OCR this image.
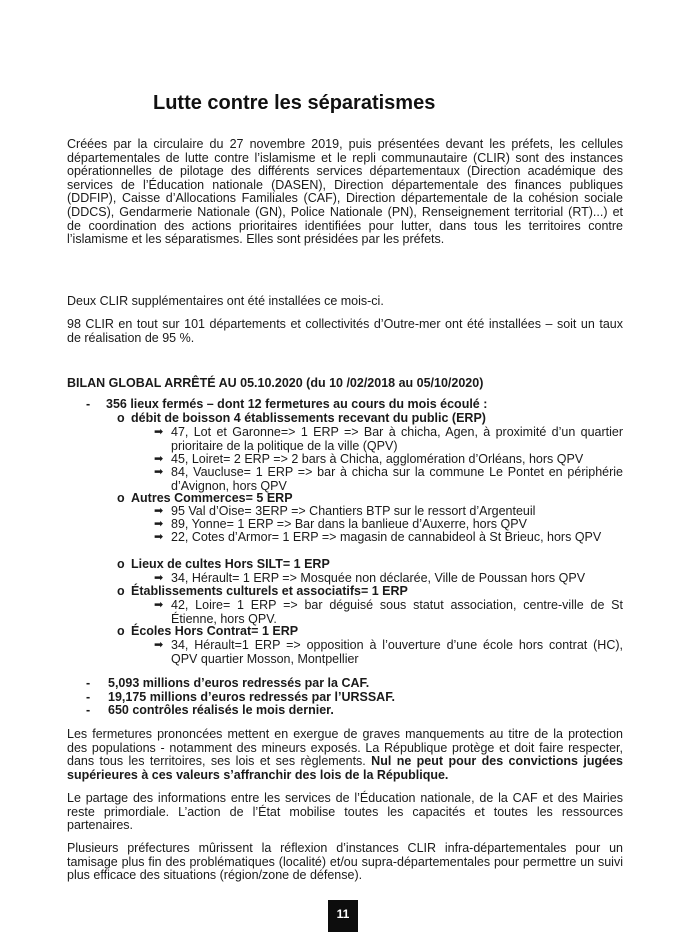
Lutte contre les séparatismes

Créées par la circulaire du 27 novembre 2019, puis présentées devant les préfets, les cellules départementales de lutte contre l’islamisme et le repli communautaire (CLIR) sont des instances opérationnelles de pilotage des différents services départementaux (Direction académique des services de l’Éducation nationale (DASEN), Direction départementale des finances publiques (DDFIP), Caisse d’Allocations Familiales (CAF), Direction départementale de la cohésion sociale (DDCS), Gendarmerie Nationale (GN), Police Nationale (PN), Renseignement territorial (RT)...) et de coordination des actions prioritaires identifiées pour lutter, dans tous les territoires contre l’islamisme et les séparatismes. Elles sont présidées par les préfets.

Deux CLIR supplémentaires ont été installées ce mois-ci.

98 CLIR en tout sur 101 départements et collectivités d’Outre-mer ont été installées – soit un taux de réalisation de 95 %.

BILAN GLOBAL ARRÊTÉ AU 05.10.2020 (du 10 /02/2018 au 05/10/2020)
- 356 lieux fermés – dont 12 fermetures au cours du mois écoulé :
o débit de boisson 4 établissements recevant du public (ERP)
➡ 47, Lot et Garonne=> 1 ERP => Bar à chicha, Agen, à proximité d’un quartier prioritaire de la politique de la ville (QPV)
➡ 45, Loiret= 2 ERP => 2 bars à Chicha, agglomération d’Orléans, hors QPV
➡ 84, Vaucluse= 1 ERP => bar à chicha sur la commune Le Pontet en périphérie d’Avignon, hors QPV
o Autres Commerces= 5 ERP
➡ 95 Val d’Oise= 3ERP => Chantiers BTP sur le ressort d’Argenteuil
➡ 89, Yonne= 1 ERP => Bar dans la banlieue d’Auxerre, hors QPV
➡ 22, Cotes d’Armor= 1 ERP => magasin de cannabideol à St Brieuc, hors QPV
o Lieux de cultes Hors SILT= 1 ERP
➡ 34, Hérault= 1 ERP => Mosquée non déclarée, Ville de Poussan hors QPV
o Établissements culturels et associatifs= 1 ERP
➡ 42, Loire= 1 ERP => bar déguisé sous statut association, centre-ville de St Étienne, hors QPV.
o Écoles Hors Contrat= 1 ERP
➡ 34, Hérault=1 ERP => opposition à l’ouverture d’une école hors contrat (HC), QPV quartier Mosson, Montpellier
- 5,093 millions d’euros redressés par la CAF.
- 19,175 millions d’euros redressés par l’URSSAF.
- 650 contrôles réalisés le mois dernier.

Les fermetures prononcées mettent en exergue de graves manquements au titre de la protection des populations - notamment des mineurs exposés. La République protège et doit faire respecter, dans tous les territoires, ses lois et ses règlements. Nul ne peut pour des convictions jugées supérieures à ces valeurs s’affranchir des lois de la République.

Le partage des informations entre les services de l’Éducation nationale, de la CAF et des Mairies reste primordiale. L’action de l’État mobilise toutes les capacités et toutes les ressources partenaires.

Plusieurs préfectures mûrissent la réflexion d’instances CLIR infra-départementales pour un tamisage plus fin des problématiques (localité) et/ou supra-départementales pour permettre un suivi plus efficace des situations (région/zone de défense).

11
